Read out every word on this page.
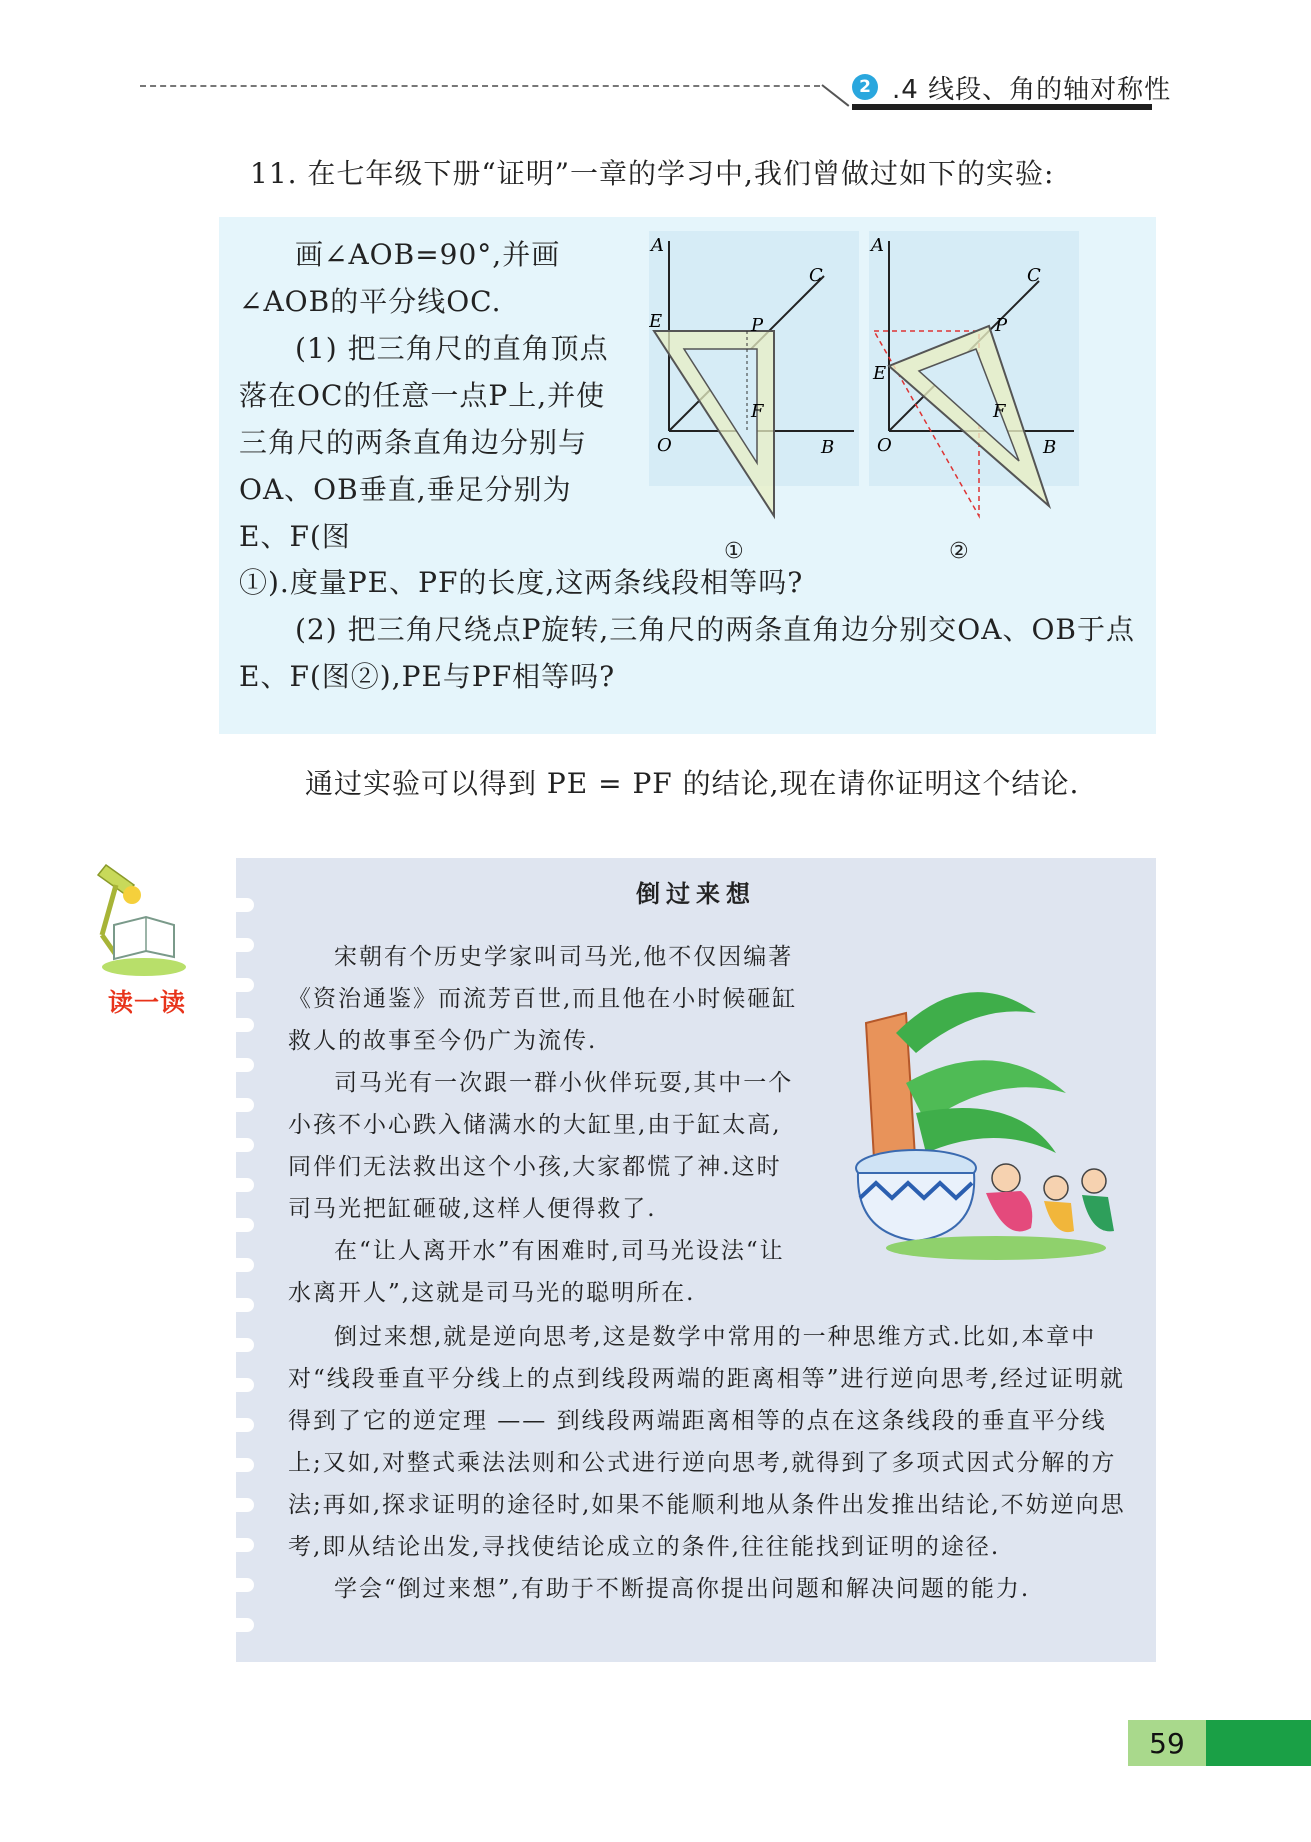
2 .4 线段、角的轴对称性
11. 在七年级下册“证明”一章的学习中,我们曾做过如下的实验:
画∠AOB=90°,并画∠AOB的平分线OC.
(1) 把三角尺的直角顶点落在OC的任意一点P上,并使三角尺的两条直角边分别与OA、OB垂直,垂足分别为E、F(图
A
O	B
C
E
F
P
A
O	B
C
E
F
P
①	②
①).度量PE、PF的长度,这两条线段相等吗?
(2) 把三角尺绕点P旋转,三角尺的两条直角边分别交OA、OB于点E、F(图②),PE与PF相等吗?
通过实验可以得到 PE = PF 的结论,现在请你证明这个结论.
读一读
倒过来想

宋朝有个历史学家叫司马光,他不仅因编著《资治通鉴》而流芳百世,而且他在小时候砸缸救人的故事至今仍广为流传.

司马光有一次跟一群小伙伴玩耍,其中一个小孩不小心跌入储满水的大缸里,由于缸太高,同伴们无法救出这个小孩,大家都慌了神.这时司马光把缸砸破,这样人便得救了.

在“让人离开水”有困难时,司马光设法“让水离开人”,这就是司马光的聪明所在.

倒过来想,就是逆向思考,这是数学中常用的一种思维方式.比如,本章中对“线段垂直平分线上的点到线段两端的距离相等”进行逆向思考,经过证明就得到了它的逆定理 —— 到线段两端距离相等的点在这条线段的垂直平分线上;又如,对整式乘法法则和公式进行逆向思考,就得到了多项式因式分解的方法;再如,探求证明的途径时,如果不能顺利地从条件出发推出结论,不妨逆向思考,即从结论出发,寻找使结论成立的条件,往往能找到证明的途径.

学会“倒过来想”,有助于不断提高你提出问题和解决问题的能力.

59
